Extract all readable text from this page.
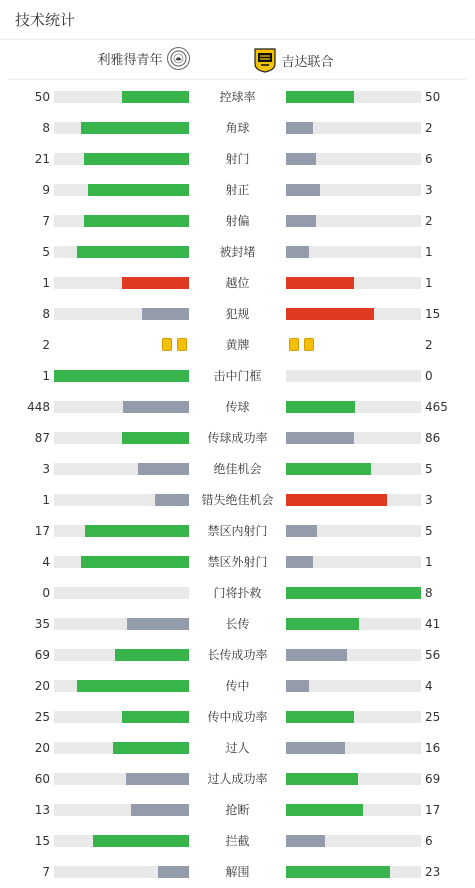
技术统计
利雅得青年	吉达联合
50	控球率	50
8	角球	2
21	射门	6
9	射正	3
7	射偏	2
5	被封堵	1
1	越位	1
8	犯规	15
2	黄牌	2
1	击中门框	0
448	传球	465
87	传球成功率	86
3	绝佳机会	5
1	错失绝佳机会	3
17	禁区内射门	5
4	禁区外射门	1
0	门将扑救	8
35	长传	41
69	长传成功率	56
20	传中	4
25	传中成功率	25
20	过人	16
60	过人成功率	69
13	抢断	17
15	拦截	6
7	解围	23
